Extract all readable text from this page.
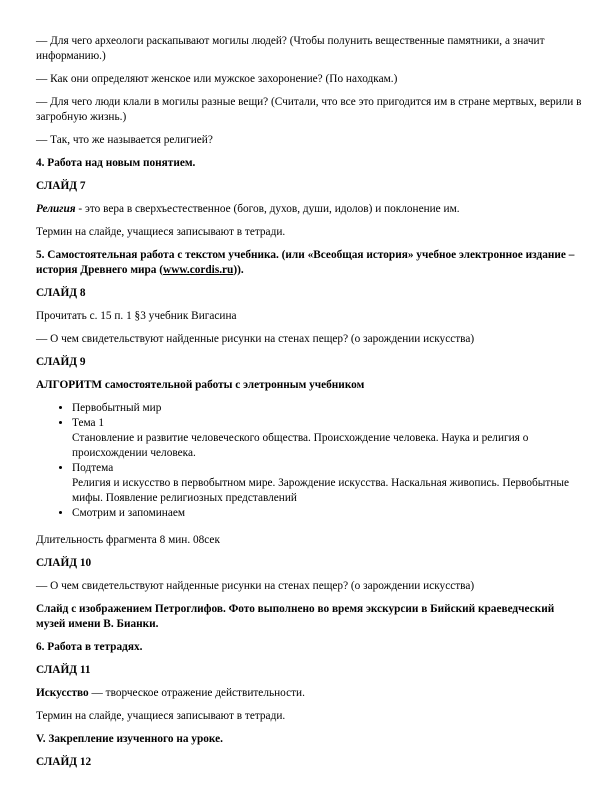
— Для чего археологи раскапывают могилы людей? (Чтобы полунить вещественные памятники, а значит информанию.)

— Как они определяют женское или мужское захоронение? (По находкам.)

— Для чего люди клали в могилы разные вещи? (Считали, что все это пригодится им в стране мертвых, верили в загробную жизнь.)

— Так, что же называется религией?

4. Работа над новым понятием.

СЛАЙД 7

Религия - это вера в сверхъестественное (богов, духов, души, идолов) и поклонение им.

Термин на слайде, учащиеся записывают в тетради.

5. Самостоятельная работа с текстом учебника. (или «Всеобщая история» учебное электронное издание – история Древнего мира (www.cordis.ru)).

СЛАЙД 8

Прочитать с. 15 п. 1 §3 учебник Вигасина

— О чем свидетельствуют найденные рисунки на стенах пещер? (о зарождении искусства)

СЛАЙД 9

АЛГОРИТМ самостоятельной работы с элетронным учебником

• Первобытный мир
• Тема 1
Становление и развитие человеческого общества. Происхождение человека. Наука и религия о происхождении человека.
• Подтема
Религия и искусство в первобытном мире. Зарождение искусства. Наскальная живопись. Первобытные мифы. Появление религиозных представлений
• Смотрим и запоминаем

Длительность фрагмента 8 мин. 08сек

СЛАЙД 10

— О чем свидетельствуют найденные рисунки на стенах пещер? (о зарождении искусства)

Слайд с изображением Петроглифов. Фото выполнено во время экскурсии в Бийский краеведческий музей имени В. Бианки.

6. Работа в тетрадях.

СЛАЙД 11

Искусство — творческое отражение действительности.

Термин на слайде, учащиеся записывают в тетради.

V. Закрепление изученного на уроке.

СЛАЙД 12
